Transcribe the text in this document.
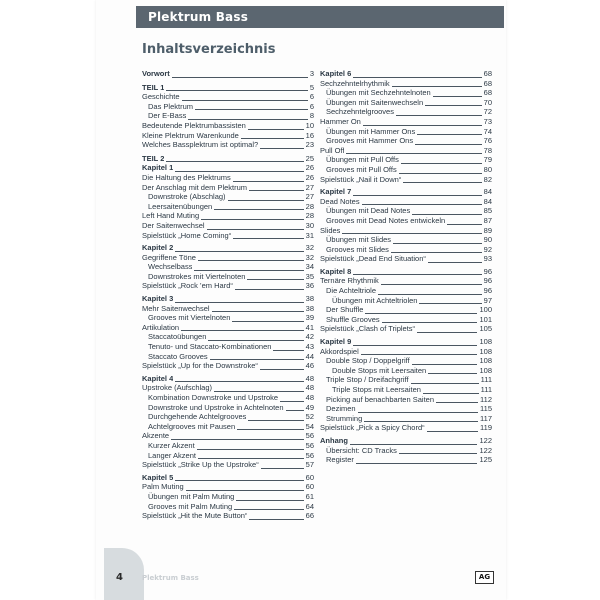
Plektrum Bass
Inhaltsverzeichnis
Vorwort	3
TEIL 1	5
Geschichte	6
Das Plektrum	6
Der E-Bass	8
Bedeutende Plektrumbassisten	10
Kleine Plektrum Warenkunde	16
Welches Bassplektrum ist optimal?	23
TEIL 2	25
Kapitel 1	26
Die Haltung des Plektrums	26
Der Anschlag mit dem Plektrum	27
Downstroke (Abschlag)	27
Leersaitenübungen	28
Left Hand Muting	28
Der Saitenwechsel	30
Spielstück „Home Coming“	31
Kapitel 2	32
Gegriffene Töne	32
Wechselbass	34
Downstrokes mit Viertelnoten	35
Spielstück „Rock ’em Hard“	36
Kapitel 3	38
Mehr Saitenwechsel	38
Grooves mit Viertelnoten	39
Artikulation	41
Staccatoübungen	42
Tenuto- und Staccato-Kombinationen	43
Staccato Grooves	44
Spielstück „Up for the Downstroke“	46
Kapitel 4	48
Upstroke (Aufschlag)	48
Kombination Downstroke und Upstroke	48
Downstroke und Upstroke in Achtelnoten	49
Durchgehende Achtelgrooves	52
Achtelgrooves mit Pausen	54
Akzente	56
Kurzer Akzent	56
Langer Akzent	56
Spielstück „Strike Up the Upstroke“	57
Kapitel 5	60
Palm Muting	60
Übungen mit Palm Muting	61
Grooves mit Palm Muting	64
Spielstück „Hit the Mute Button“	66
Kapitel 6	68
Sechzehntelrhythmik	68
Übungen mit Sechzehntelnoten	68
Übungen mit Saitenwechseln	70
Sechzehntelgrooves	72
Hammer On	73
Übungen mit Hammer Ons	74
Grooves mit Hammer Ons	76
Pull Off	78
Übungen mit Pull Offs	79
Grooves mit Pull Offs	80
Spielstück „Nail it Down“	82
Kapitel 7	84
Dead Notes	84
Übungen mit Dead Notes	85
Grooves mit Dead Notes entwickeln	87
Slides	89
Übungen mit Slides	90
Grooves mit Slides	92
Spielstück „Dead End Situation“	93
Kapitel 8	96
Ternäre Rhythmik	96
Die Achteltriole	96
Übungen mit Achteltriolen	97
Der Shuffle	100
Shuffle Grooves	101
Spielstück „Clash of Triplets“	105
Kapitel 9	108
Akkordspiel	108
Double Stop / Doppelgriff	108
Double Stops mit Leersaiten	108
Triple Stop / Dreifachgriff	111
Triple Stops mit Leersaiten	111
Picking auf benachbarten Saiten	112
Dezimen	115
Strumming	117
Spielstück „Pick a Spicy Chord“	119
Anhang	122
Übersicht: CD Tracks	122
Register	125
4	Plektrum Bass	AG
